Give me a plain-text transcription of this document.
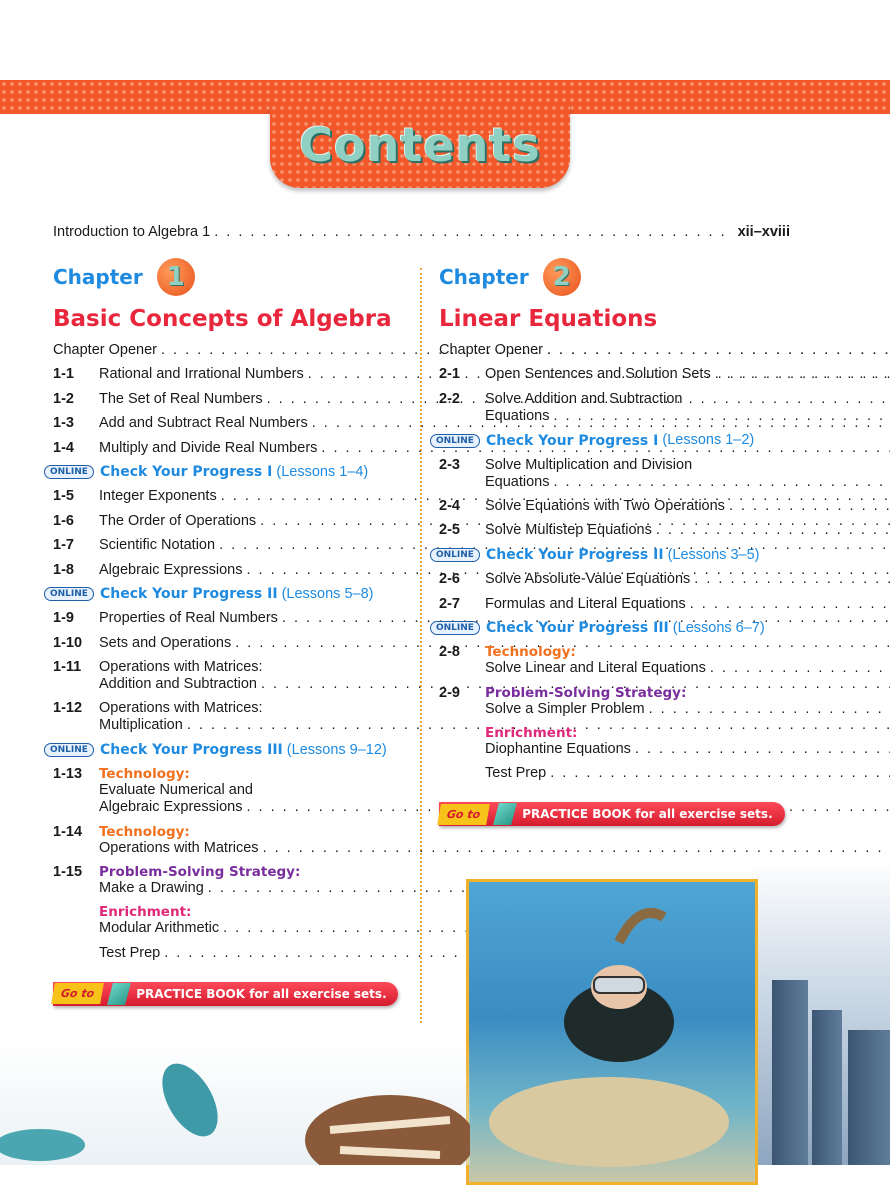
Contents
Introduction to Algebra 1 . . .	xii–xviii
Chapter 1
Basic Concepts of Algebra
Chapter Opener
. . .
1-1	Rational and Irrational Numbers
. . .
1-2	The Set of Real Numbers
. . .
1-3	Add and Subtract Real Numbers
. . .
1-4	Multiply and Divide Real Numbers
. . .
ONLINE Check Your Progress I
(Lessons 1–4)
1-5	Integer Exponents
. . .
1-6	The Order of Operations
. . .
1-7	Scientific Notation
. . .
1-8	Algebraic Expressions
. . .
ONLINE Check Your Progress II
(Lessons 5–8)
1-9	Properties of Real Numbers
. . .
1-10	Sets and Operations
. . .
1-11	Operations with Matrices:
Addition and Subtraction
. . .
1-12	Operations with Matrices:
Multiplication
. . .
ONLINE Check Your Progress III
(Lessons 9–12)
1-13	Technology:
Evaluate Numerical and
Algebraic Expressions
. . .
1-14	Technology:
Operations with Matrices
. . .
1-15	Problem-Solving Strategy:
Make a Drawing
. . .
Enrichment:
Modular Arithmetic
. . .
Test Prep
. . .
Go to	PRACTICE BOOK for all exercise sets.
Chapter 2
Linear Equations
Chapter Opener
. . .
2-1	Open Sentences and Solution Sets
. . .
2-2	Solve Addition and Subtraction
Equations
. . .
ONLINE Check Your Progress I
(Lessons 1–2)
2-3	Solve Multiplication and Division
Equations
. . .
2-4	Solve Equations with Two Operations
. . .
2-5	Solve Multistep Equations
. . .
ONLINE Check Your Progress II
(Lessons 3–5)
2-6	Solve Absolute-Value Equations
. . .
2-7	Formulas and Literal Equations
. . .
ONLINE Check Your Progress III
(Lessons 6–7)
2-8	Technology:
Solve Linear and Literal Equations
. . .
2-9	Problem-Solving Strategy:
Solve a Simpler Problem
. . .
Enrichment:
Diophantine Equations
. . .
Test Prep
. . .
Go to	PRACTICE BOOK for all exercise sets.
